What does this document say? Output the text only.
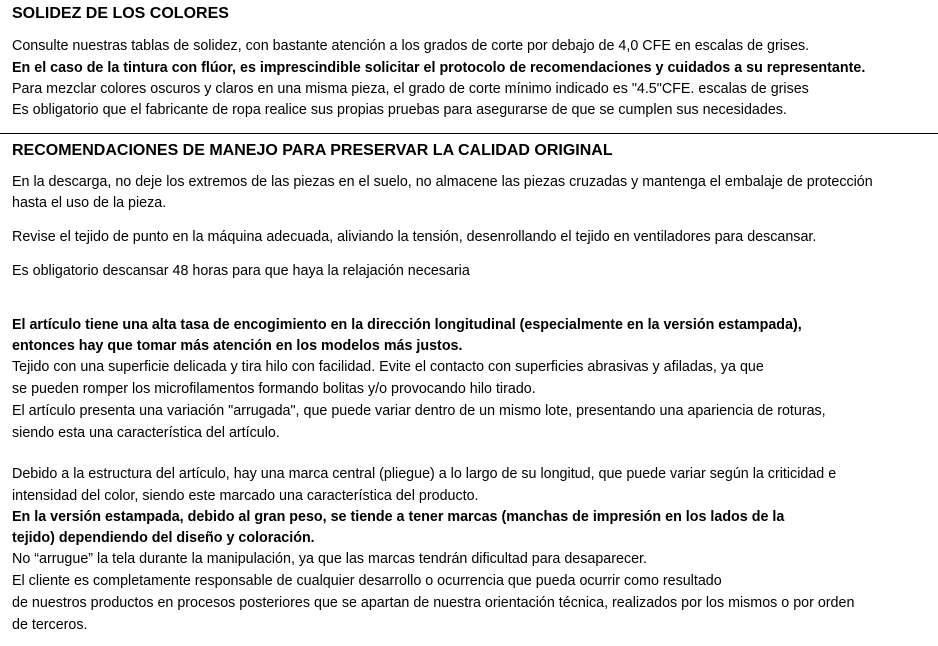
SOLIDEZ DE LOS COLORES
Consulte nuestras tablas de solidez, con bastante atención a los grados de corte por debajo de 4,0 CFE en escalas de grises.
En el caso de la tintura con flúor, es imprescindible solicitar el protocolo de recomendaciones y cuidados a su representante.
Para mezclar colores oscuros y claros en una misma pieza, el grado de corte mínimo indicado es "4.5"CFE. escalas de grises
Es obligatorio que el fabricante de ropa realice sus propias pruebas para asegurarse de que se cumplen sus necesidades.
RECOMENDACIONES DE MANEJO PARA PRESERVAR LA CALIDAD ORIGINAL
En la descarga, no deje los extremos de las piezas en el suelo, no almacene las piezas cruzadas y mantenga el embalaje de protección
hasta el uso de la pieza.
Revise el tejido de punto en la máquina adecuada, aliviando la tensión, desenrollando el tejido en ventiladores para descansar.
Es obligatorio descansar 48 horas para que haya la relajación necesaria
El artículo tiene una alta tasa de encogimiento en la dirección longitudinal (especialmente en la versión estampada),
entonces hay que tomar más atención en los modelos más justos.
Tejido con una superficie delicada y tira hilo con facilidad. Evite el contacto con superficies abrasivas y afiladas, ya que
se pueden romper los microfilamentos formando bolitas y/o provocando hilo tirado.
El artículo presenta una variación "arrugada", que puede variar dentro de un mismo lote, presentando una apariencia de roturas,
siendo esta una característica del artículo.
Debido a la estructura del artículo, hay una marca central (pliegue) a lo largo de su longitud, que puede variar según la criticidad e
intensidad del color, siendo este marcado una característica del producto.
En la versión estampada, debido al gran peso, se tiende a tener marcas (manchas de impresión en los lados de la
tejido) dependiendo del diseño y coloración.
No “arrugue” la tela durante la manipulación, ya que las marcas tendrán dificultad para desaparecer.
El cliente es completamente responsable de cualquier desarrollo o ocurrencia que pueda ocurrir como resultado
de nuestros productos en procesos posteriores que se apartan de nuestra orientación técnica, realizados por los mismos o por orden
de terceros.
